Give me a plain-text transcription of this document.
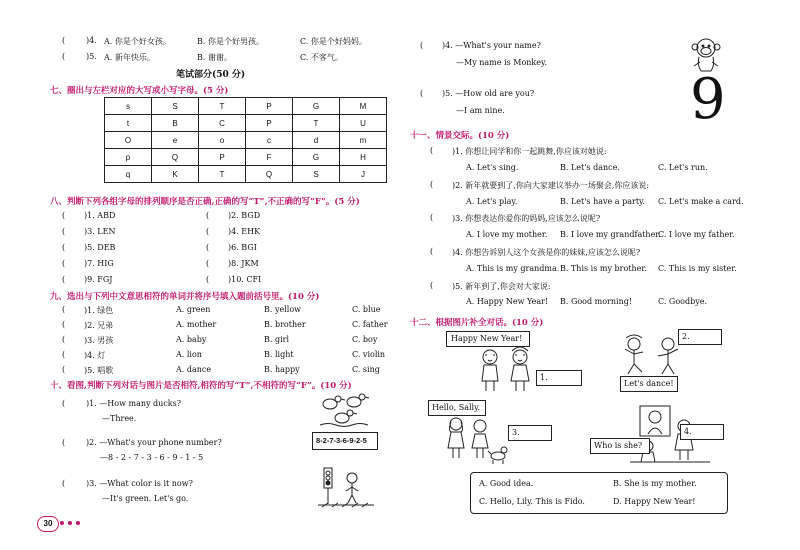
(	)4. A. 你是个好女孩。	B. 你是个好男孩。	C. 你是个好妈妈。
(	)5. A. 新年快乐。	B. 谢谢。	C. 不客气。
笔试部分(50 分)
七、圈出与左栏对应的大写或小写字母。(5 分)
s	S	T	P	G	M
t	B	C	P	T	U
O	e	o	c	d	m
p	Q	P	F	G	H
q	K	T	Q	S	J
八、判断下列各组字母的排列顺序是否正确,正确的写“T”,不正确的写“F”。(5 分)
( )1. ABD	( )2. BGD
( )3. LEN	( )4. EHK
( )5. DEB	( )6. BGI
( )7. HIG	( )8. JKM
( )9. FGJ	( )10. CFI
九、选出与下列中文意思相符的单词并将序号填入题前括号里。(10 分)
( )1. 绿色	A. green	B. yellow	C. blue
( )2. 兄弟	A. mother	B. brother	C. father
( )3. 男孩	A. baby	B. girl	C. boy
( )4. 灯	A. lion	B. light	C. violin
( )5. 唱歌	A. dance	B. happy	C. sing
十、看图,判断下列对话与图片是否相符,相符的写“T”,不相符的写“F”。(10 分)
(	)1. —How many ducks?
—Three.
(	)2. —What's your phone number?
—8 - 2 - 7 - 3 - 6 - 9 - 1 - 5
(	)3. —What color is it now?
—It's green. Let's go.
8-2-7-3-6-9-2-5
30
( )4. —What's your name?
—My name is Monkey.
( )5. —How old are you?
—I am nine.	9
十一、情景交际。(10 分)
( )1. 你想让同学和你一起跳舞,你应该对她说:
A. Let's sing.	B. Let's dance.	C. Let's run.
( )2. 新年就要到了,你向大家建议举办一场聚会,你应该说:
A. Let's play.	B. Let's have a party. C. Let's make a card.
( )3. 你想表达你爱你的妈妈,应该怎么说呢?
A. I love my mother. B. I love my grandfather.
C. I love my father.
( )4. 你想告诉别人这个女孩是你的妹妹,应该怎么说呢?
A. This is my grandma. B. This is my brother. C. This is my sister.
( )5. 新年到了,你会对大家说:
A. Happy New Year! B. Good morning!	C. Goodbye.
十二、根据图片补全对话。(10 分)
Happy New Year!
1.
2.
Let's dance!
Hello, Sally.
3.
Who is she?
4.
A. Good idea.	B. She is my mother.
C. Hello, Lily. This is Fido.	D. Happy New Year!
